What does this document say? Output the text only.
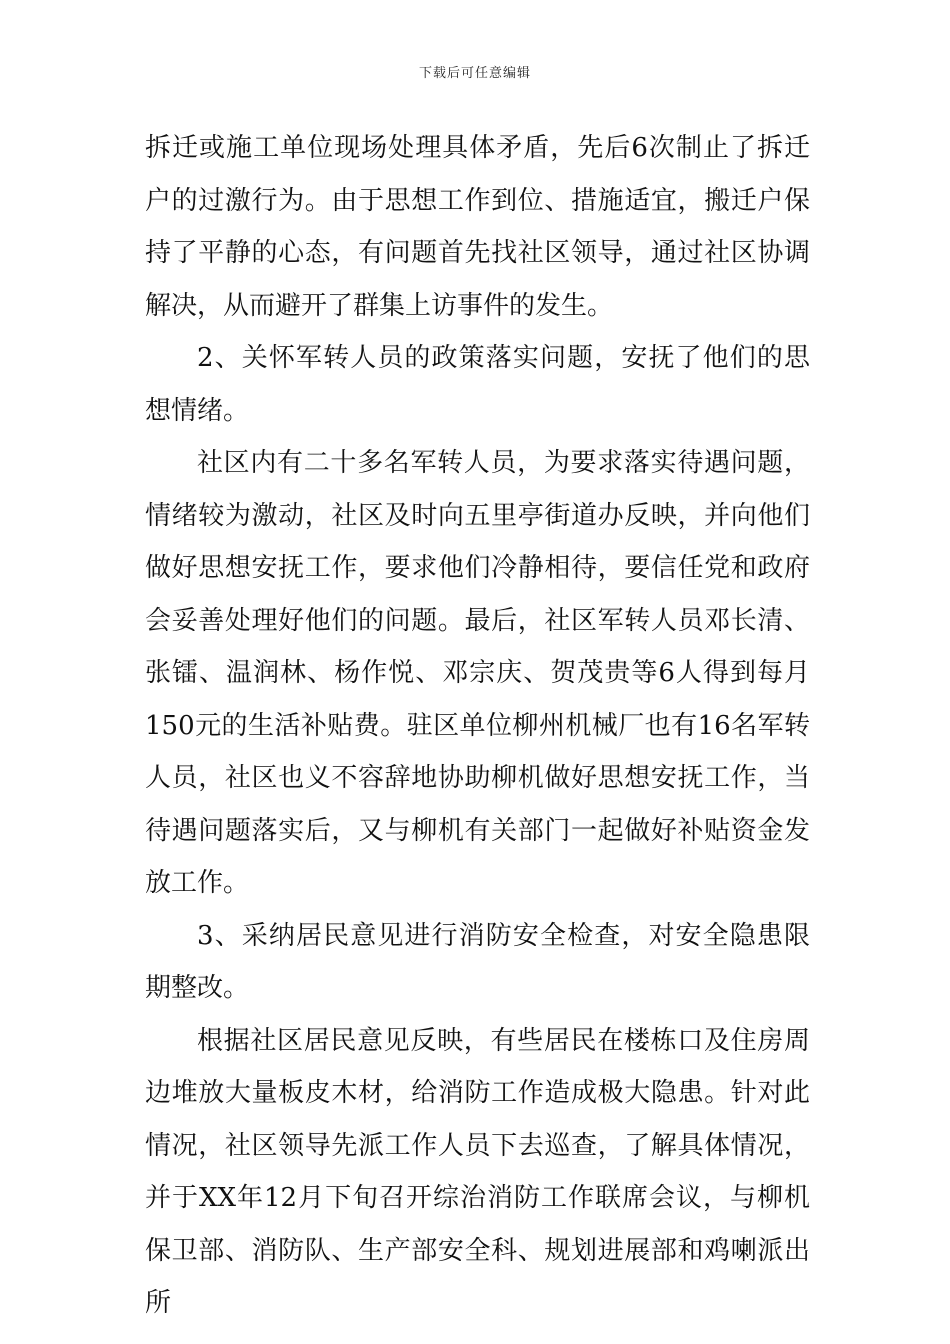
下载后可任意编辑

拆迁或施工单位现场处理具体矛盾，先后6次制止了拆迁户的过激行为。由于思想工作到位、措施适宜，搬迁户保持了平静的心态，有问题首先找社区领导，通过社区协调解决，从而避开了群集上访事件的发生。

2、关怀军转人员的政策落实问题，安抚了他们的思想情绪。

社区内有二十多名军转人员，为要求落实待遇问题，情绪较为激动，社区及时向五里亭街道办反映，并向他们做好思想安抚工作，要求他们冷静相待，要信任党和政府会妥善处理好他们的问题。最后，社区军转人员邓长清、张镭、温润林、杨作悦、邓宗庆、贺茂贵等6人得到每月150元的生活补贴费。驻区单位柳州机械厂也有16名军转人员，社区也义不容辞地协助柳机做好思想安抚工作，当待遇问题落实后，又与柳机有关部门一起做好补贴资金发放工作。

3、采纳居民意见进行消防安全检查，对安全隐患限期整改。

根据社区居民意见反映，有些居民在楼栋口及住房周边堆放大量板皮木材，给消防工作造成极大隐患。针对此情况，社区领导先派工作人员下去巡查，了解具体情况，并于XX年12月下旬召开综治消防工作联席会议，与柳机保卫部、消防队、生产部安全科、规划进展部和鸡喇派出所
